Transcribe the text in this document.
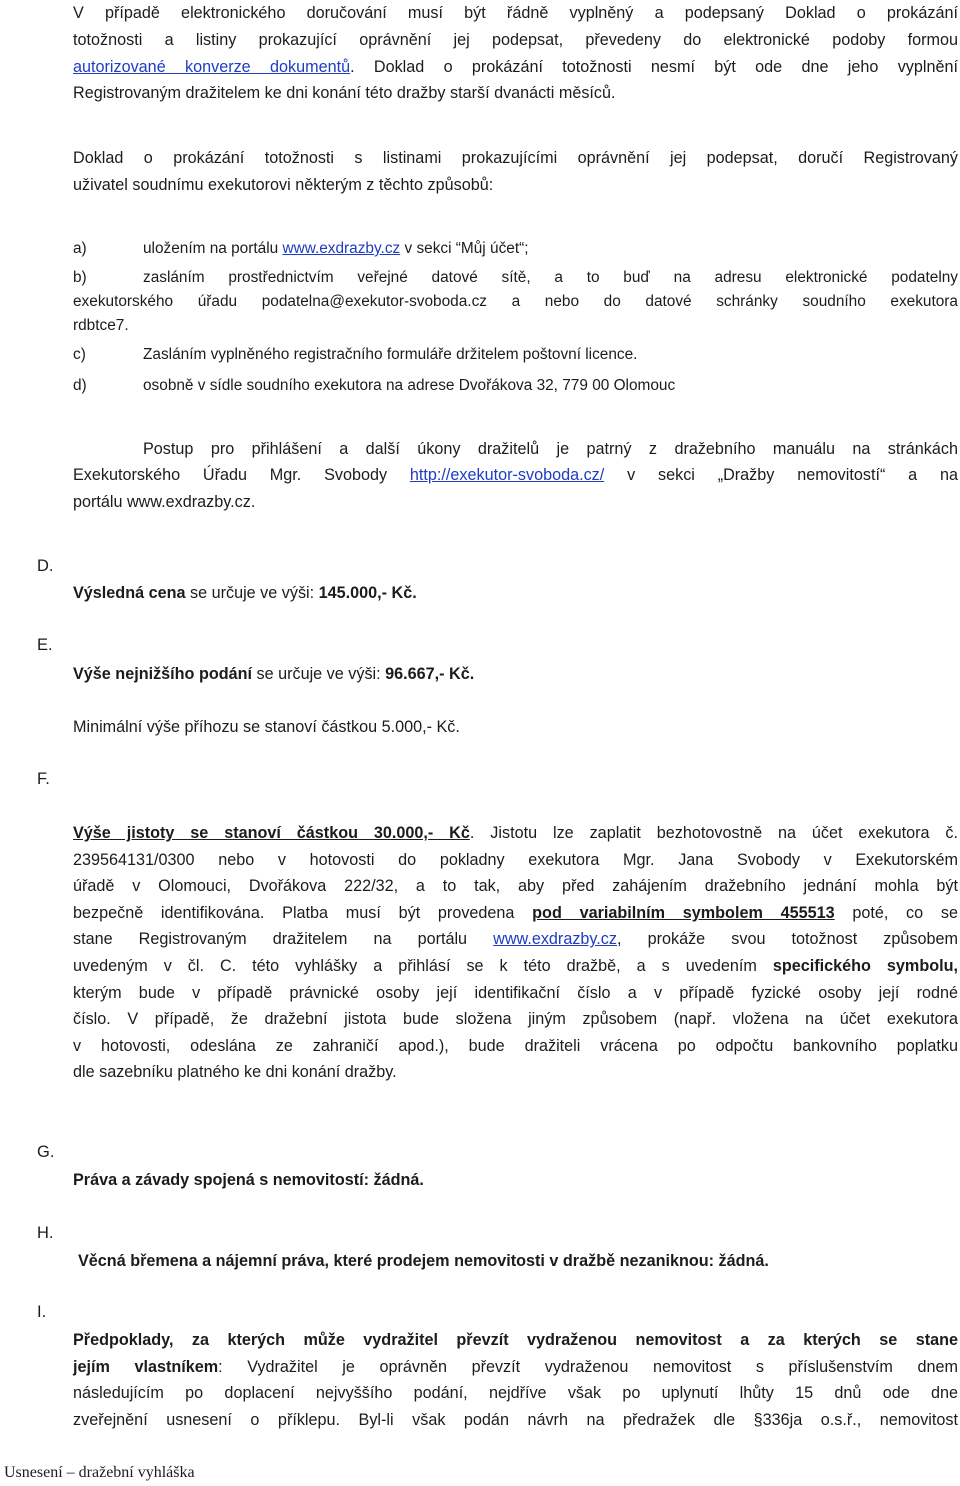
V případě elektronického doručování musí být řádně vyplněný a podepsaný Doklad o prokázání

totožnosti a listiny prokazující oprávnění jej podepsat, převedeny do elektronické podoby formou

autorizované konverze dokumentů. Doklad o prokázání totožnosti nesmí být ode dne jeho vyplnění

Registrovaným dražitelem ke dni konání této dražby starší dvanácti měsíců.

Doklad o prokázání totožnosti s listinami prokazujícími oprávnění jej podepsat, doručí Registrovaný

uživatel soudnímu exekutorovi některým z těchto způsobů:

a)	uložením na portálu www.exdrazby.cz v sekci “Můj účet“;

b)	zasláním prostřednictvím veřejné datové sítě, a to buď na adresu elektronické podatelny

exekutorského úřadu podatelna@exekutor-svoboda.cz a nebo do datové schránky soudního exekutora

rdbtce7.

c)	Zasláním vyplněného registračního formuláře držitelem poštovní licence.

d)	osobně v sídle soudního exekutora na adrese Dvořákova 32, 779 00 Olomouc

Postup pro přihlášení a další úkony dražitelů je patrný z dražebního manuálu na stránkách

Exekutorského Úřadu Mgr. Svobody http://exekutor-svoboda.cz/ v sekci „Dražby nemovitostí“ a na

portálu www.exdrazby.cz.

D.

Výsledná cena se určuje ve výši: 145.000,- Kč.

E.

Výše nejnižšího podání se určuje ve výši: 96.667,- Kč.

Minimální výše příhozu se stanoví částkou 5.000,- Kč.

F.

Výše jistoty se stanoví částkou 30.000,- Kč. Jistotu lze zaplatit bezhotovostně na účet exekutora č.

239564131/0300 nebo v hotovosti do pokladny exekutora Mgr. Jana Svobody v Exekutorském

úřadě v Olomouci, Dvořákova 222/32, a to tak, aby před zahájením dražebního jednání mohla být

bezpečně identifikována. Platba musí být provedena pod variabilním symbolem 455513 poté, co se

stane Registrovaným dražitelem na portálu www.exdrazby.cz, prokáže svou totožnost způsobem

uvedeným v čl. C. této vyhlášky a přihlásí se k této dražbě, a s uvedením specifického symbolu,

kterým bude v případě právnické osoby její identifikační číslo a v případě fyzické osoby její rodné

číslo. V případě, že dražební jistota bude složena jiným způsobem (např. vložena na účet exekutora

v hotovosti, odeslána ze zahraničí apod.), bude dražiteli vrácena po odpočtu bankovního poplatku

dle sazebníku platného ke dni konání dražby.

G.

Práva a závady spojená s nemovitostí: žádná.

H.

Věcná břemena a nájemní práva, které prodejem nemovitosti v dražbě nezaniknou: žádná.

I.

Předpoklady, za kterých může vydražitel převzít vydraženou nemovitost a za kterých se stane

jejím vlastníkem: Vydražitel je oprávněn převzít vydraženou nemovitost s příslušenstvím dnem

následujícím po doplacení nejvyššího podání, nejdříve však po uplynutí lhůty 15 dnů ode dne

zveřejnění usnesení o příklepu. Byl-li však podán návrh na předražek dle §336ja o.s.ř., nemovitost

Usnesení – dražební vyhláška
